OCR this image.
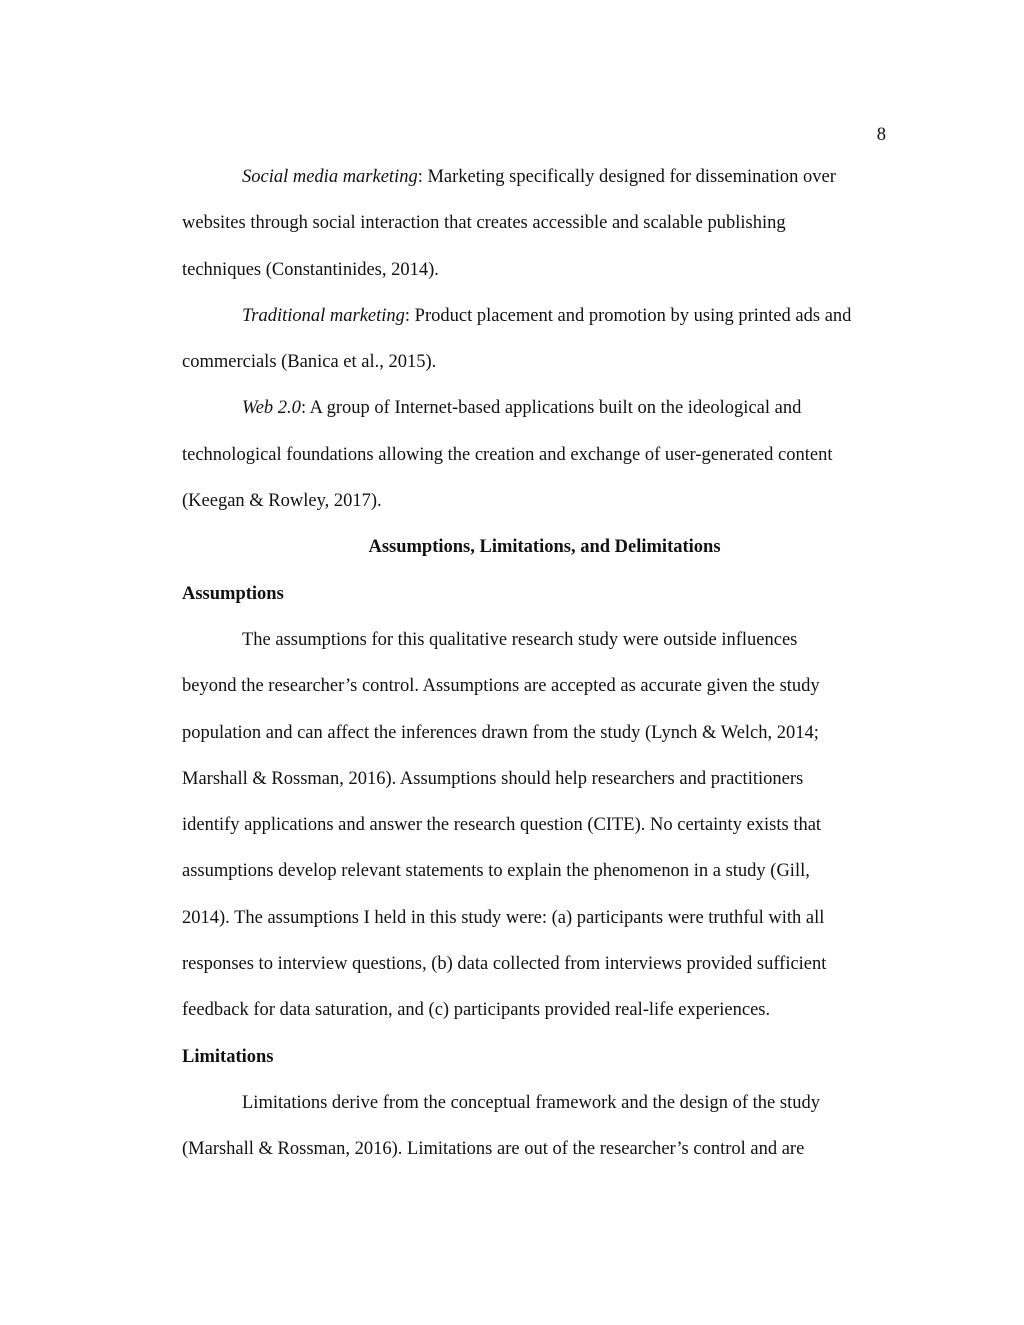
8

Social media marketing: Marketing specifically designed for dissemination over
websites through social interaction that creates accessible and scalable publishing
techniques (Constantinides, 2014).

Traditional marketing: Product placement and promotion by using printed ads and
commercials (Banica et al., 2015).

Web 2.0: A group of Internet-based applications built on the ideological and
technological foundations allowing the creation and exchange of user-generated content
(Keegan & Rowley, 2017).

Assumptions, Limitations, and Delimitations

Assumptions

The assumptions for this qualitative research study were outside influences
beyond the researcher’s control. Assumptions are accepted as accurate given the study
population and can affect the inferences drawn from the study (Lynch & Welch, 2014;
Marshall & Rossman, 2016). Assumptions should help researchers and practitioners
identify applications and answer the research question (CITE). No certainty exists that
assumptions develop relevant statements to explain the phenomenon in a study (Gill,
2014). The assumptions I held in this study were: (a) participants were truthful with all
responses to interview questions, (b) data collected from interviews provided sufficient
feedback for data saturation, and (c) participants provided real-life experiences.

Limitations

Limitations derive from the conceptual framework and the design of the study
(Marshall & Rossman, 2016). Limitations are out of the researcher’s control and are
